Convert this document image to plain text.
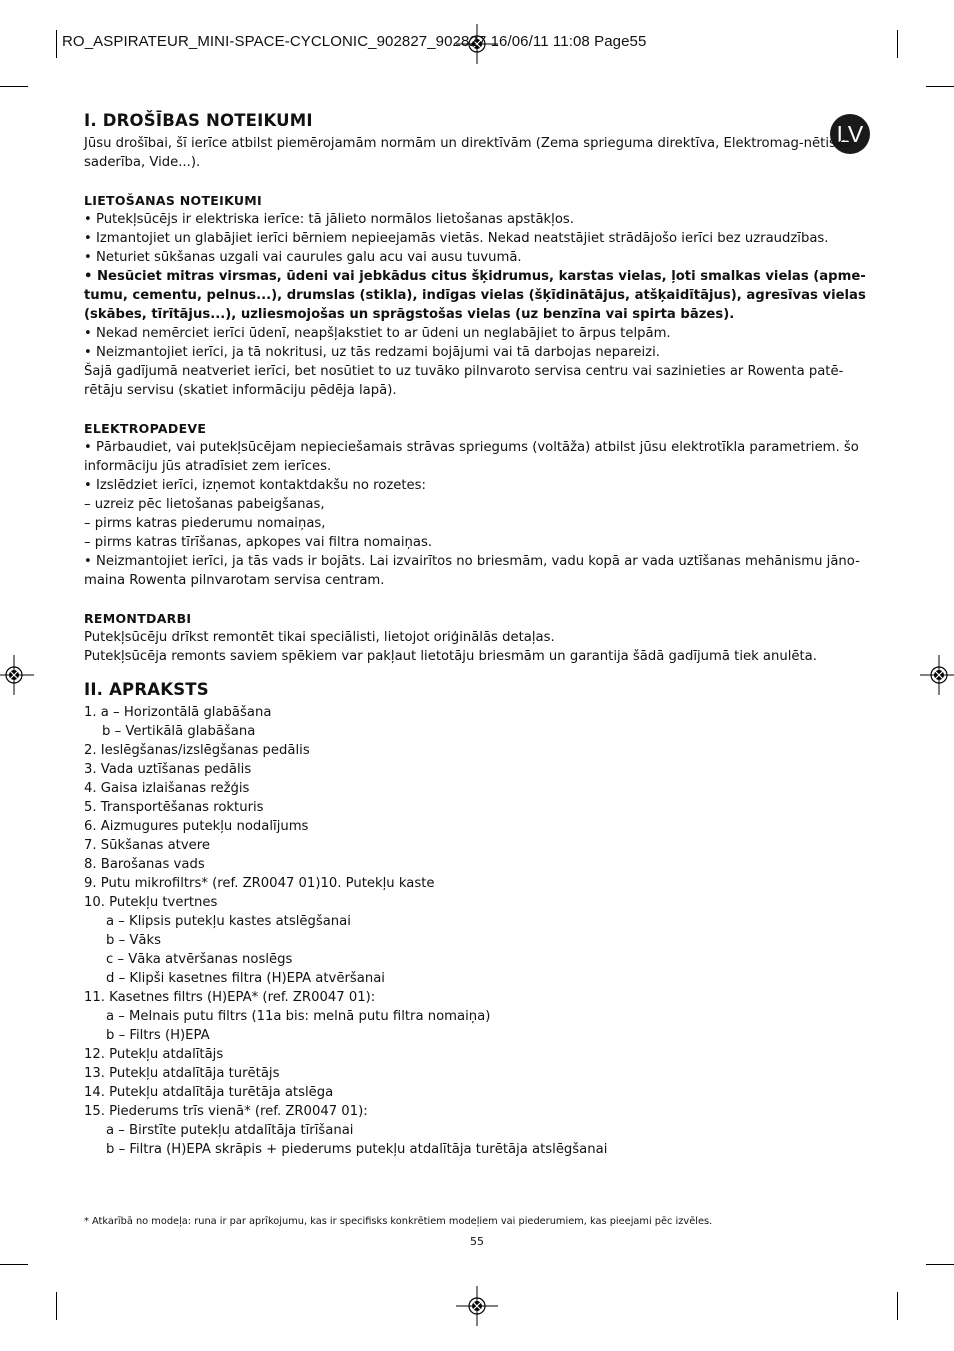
RO_ASPIRATEUR_MINI-SPACE-CYCLONIC_902827_902827 16/06/11 11:08 Page55
LV
I. DROŠĪBAS NOTEIKUMI

Jūsu drošībai, šī ierīce atbilst piemērojamām normām un direktīvām (Zema sprieguma direktīva, Elektromag-nētiskā saderība, Vide...).

LIETOŠANAS NOTEIKUMI

• Putekļsūcējs ir elektriska ierīce: tā jālieto normālos lietošanas apstākļos.

• Izmantojiet un glabājiet ierīci bērniem nepieejamās vietās. Nekad neatstājiet strādājošo ierīci bez uzraudzības.

• Neturiet sūkšanas uzgali vai caurules galu acu vai ausu tuvumā.

• Nesūciet mitras virsmas, ūdeni vai jebkādus citus šķidrumus, karstas vielas, ļoti smalkas vielas (apme-tumu, cementu, pelnus...), drumslas (stikla), indīgas vielas (šķīdinātājus, atšķaidītājus), agresīvas vielas (skābes, tīrītājus...), uzliesmojošas un sprāgstošas vielas (uz benzīna vai spirta bāzes).

• Nekad nemērciet ierīci ūdenī, neapšļakstiet to ar ūdeni un neglabājiet to ārpus telpām.

• Neizmantojiet ierīci, ja tā nokritusi, uz tās redzami bojājumi vai tā darbojas nepareizi.

Šajā gadījumā neatveriet ierīci, bet nosūtiet to uz tuvāko pilnvaroto servisa centru vai sazinieties ar Rowenta patē-rētāju servisu (skatiet informāciju pēdēja lapā).

ELEKTROPADEVE

• Pārbaudiet, vai putekļsūcējam nepieciešamais strāvas spriegums (voltāža) atbilst jūsu elektrotīkla parametriem. šo informāciju jūs atradīsiet zem ierīces.

• Izslēdziet ierīci, izņemot kontaktdakšu no rozetes:

– uzreiz pēc lietošanas pabeigšanas,

– pirms katras piederumu nomaiņas,

– pirms katras tīrīšanas, apkopes vai filtra nomaiņas.

• Neizmantojiet ierīci, ja tās vads ir bojāts. Lai izvairītos no briesmām, vadu kopā ar vada uztīšanas mehānismu jāno-maina Rowenta pilnvarotam servisa centram.

REMONTDARBI

Putekļsūcēju drīkst remontēt tikai speciālisti, lietojot oriģinālās detaļas.

Putekļsūcēja remonts saviem spēkiem var pakļaut lietotāju briesmām un garantija šādā gadījumā tiek anulēta.

II. APRAKSTS

1. a – Horizontālā glabāšana

b – Vertikālā glabāšana

2. Ieslēgšanas/izslēgšanas pedālis

3. Vada uztīšanas pedālis

4. Gaisa izlaišanas režģis

5. Transportēšanas rokturis

6. Aizmugures putekļu nodalījums

7. Sūkšanas atvere

8. Barošanas vads

9. Putu mikrofiltrs* (ref. ZR0047 01)10. Putekļu kaste

10. Putekļu tvertnes

a – Klipsis putekļu kastes atslēgšanai

b – Vāks

c – Vāka atvēršanas noslēgs

d – Klipši kasetnes filtra (H)EPA atvēršanai

11. Kasetnes filtrs (H)EPA* (ref. ZR0047 01):

a – Melnais putu filtrs (11a bis: melnā putu filtra nomaiņa)

b – Filtrs (H)EPA

12. Putekļu atdalītājs

13. Putekļu atdalītāja turētājs

14. Putekļu atdalītāja turētāja atslēga

15. Piederums trīs vienā* (ref. ZR0047 01):

a – Birstīte putekļu atdalītāja tīrīšanai

b – Filtra (H)EPA skrāpis + piederums putekļu atdalītāja turētāja atslēgšanai

* Atkarībā no modeļa: runa ir par aprīkojumu, kas ir specifisks konkrētiem modeļiem vai piederumiem, kas pieejami pēc izvēles.
55
